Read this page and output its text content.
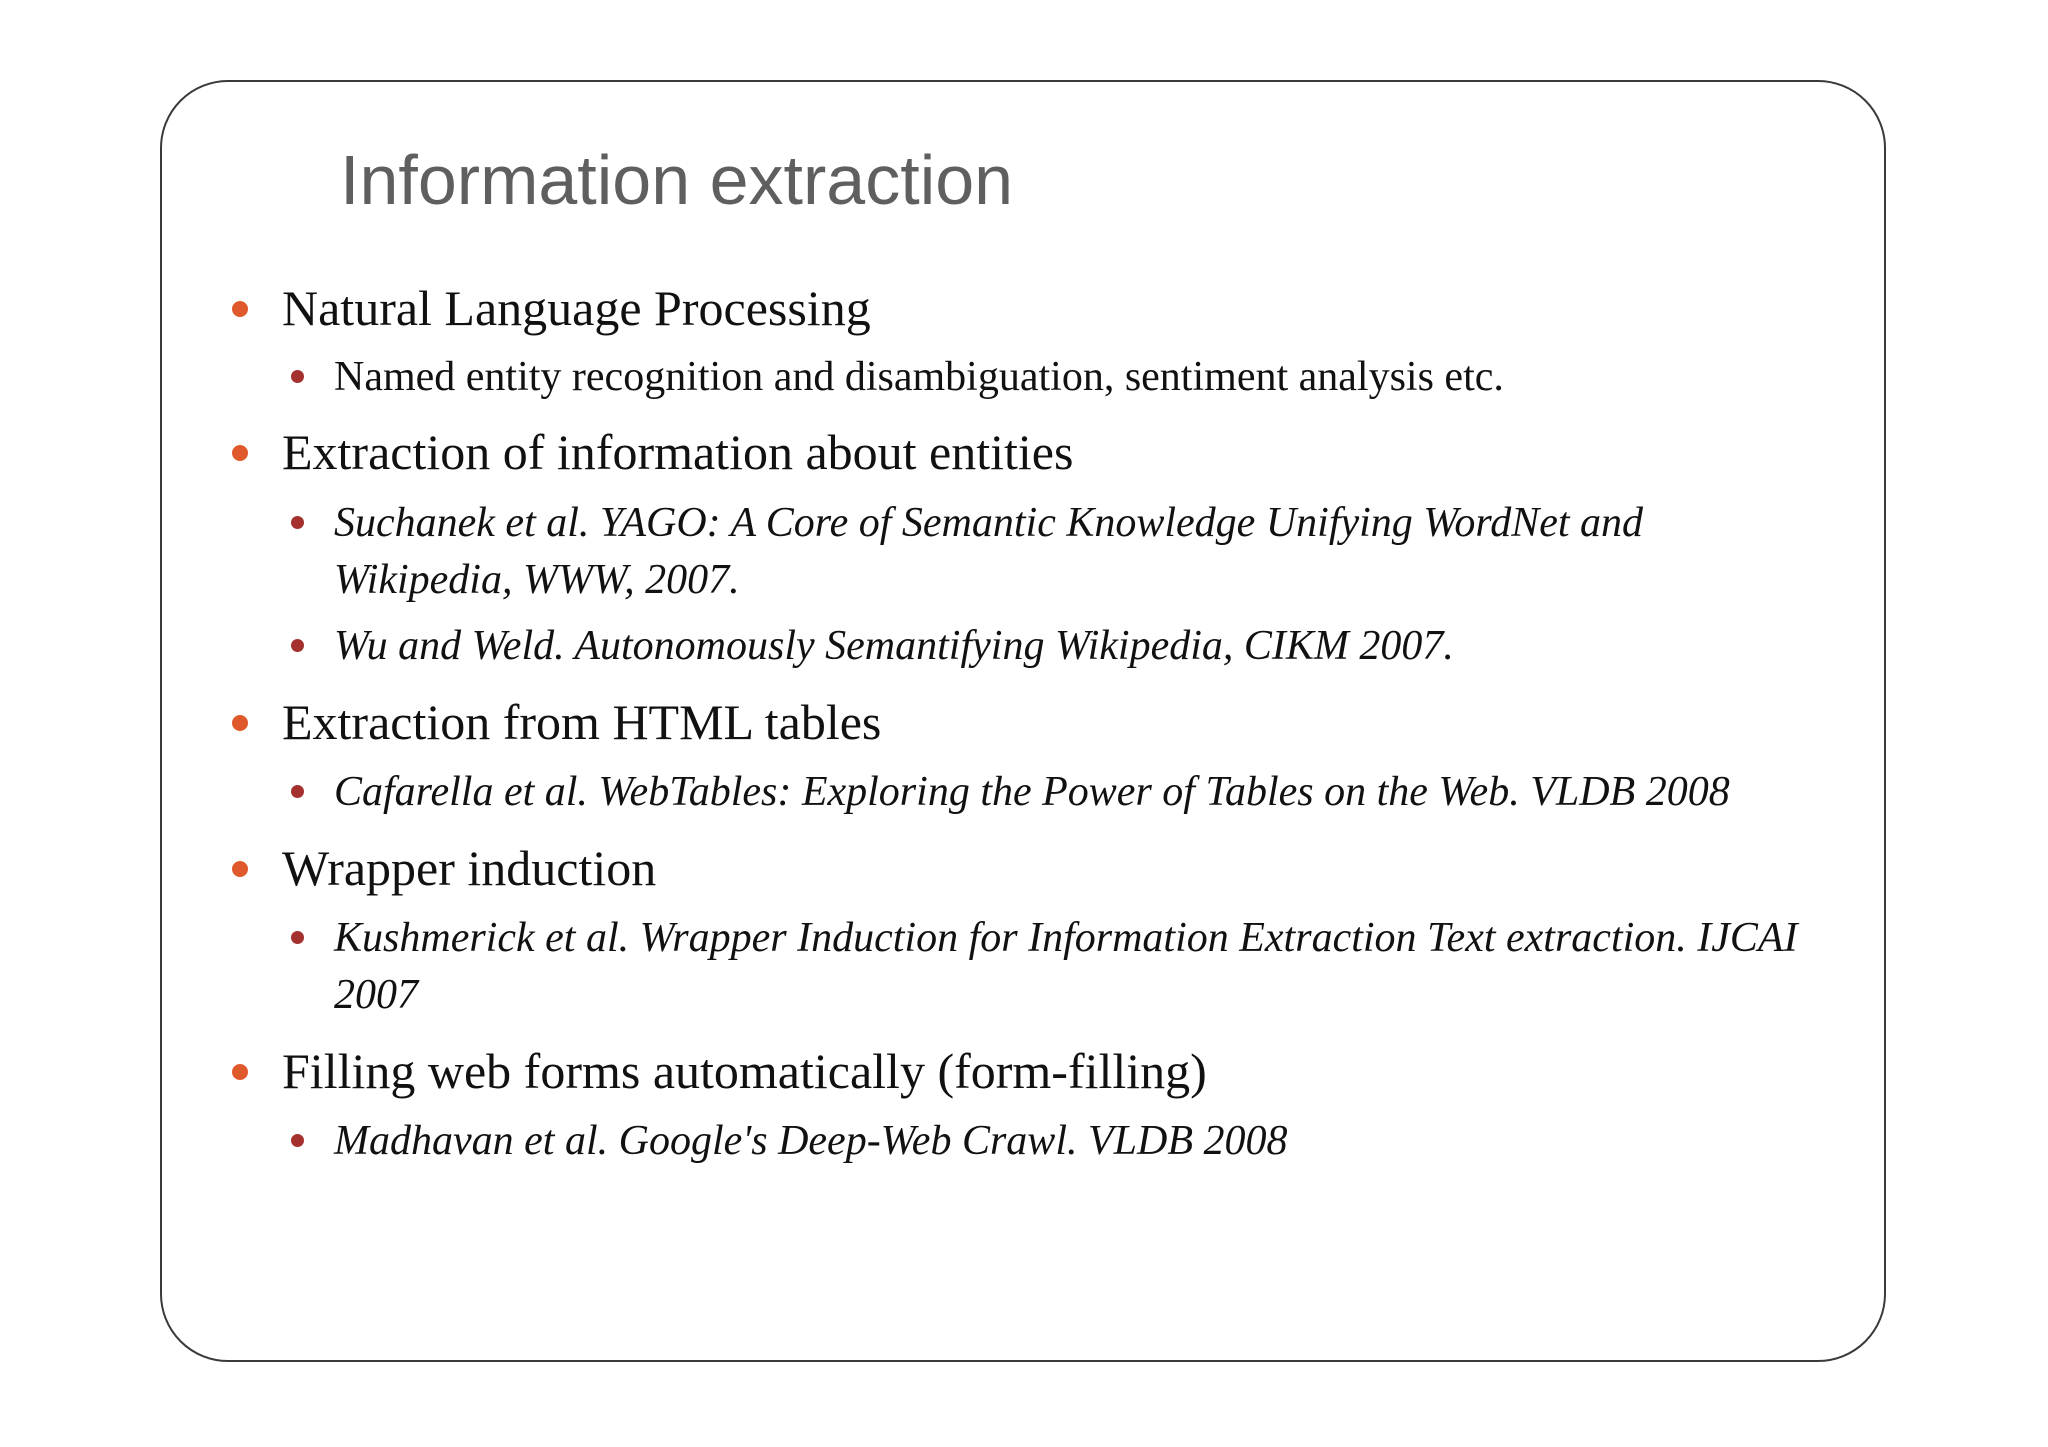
Information extraction
Natural Language Processing
Named entity recognition and disambiguation, sentiment analysis etc.
Extraction of information about entities
Suchanek et al. YAGO: A Core of Semantic Knowledge Unifying WordNet and
Wikipedia, WWW, 2007.
Wu and Weld. Autonomously Semantifying Wikipedia, CIKM 2007.
Extraction from HTML tables
Cafarella et al. WebTables: Exploring the Power of Tables on the Web. VLDB 2008
Wrapper induction
Kushmerick et al. Wrapper Induction for Information Extraction Text extraction. IJCAI
2007
Filling web forms automatically (form-filling)
Madhavan et al. Google's Deep-Web Crawl. VLDB 2008
